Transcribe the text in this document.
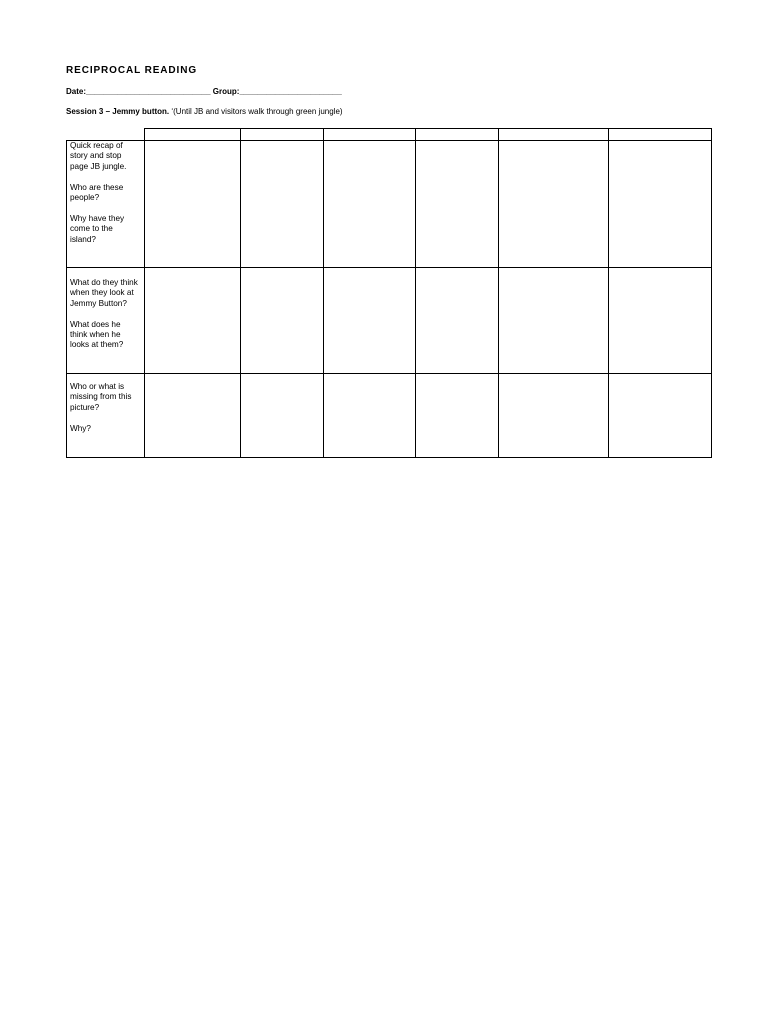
RECIPROCAL READING
Date:____________________________ Group:_______________________
Session 3 – Jemmy button. ‘(Until JB and visitors walk through green jungle)

Quick recap of story and stop page JB jungle.

Who are these people?

Why have they come to the island?

What do they think when they look at Jemmy Button?

What does he think when he looks at them?

Who or what is missing from this picture?

Why?
